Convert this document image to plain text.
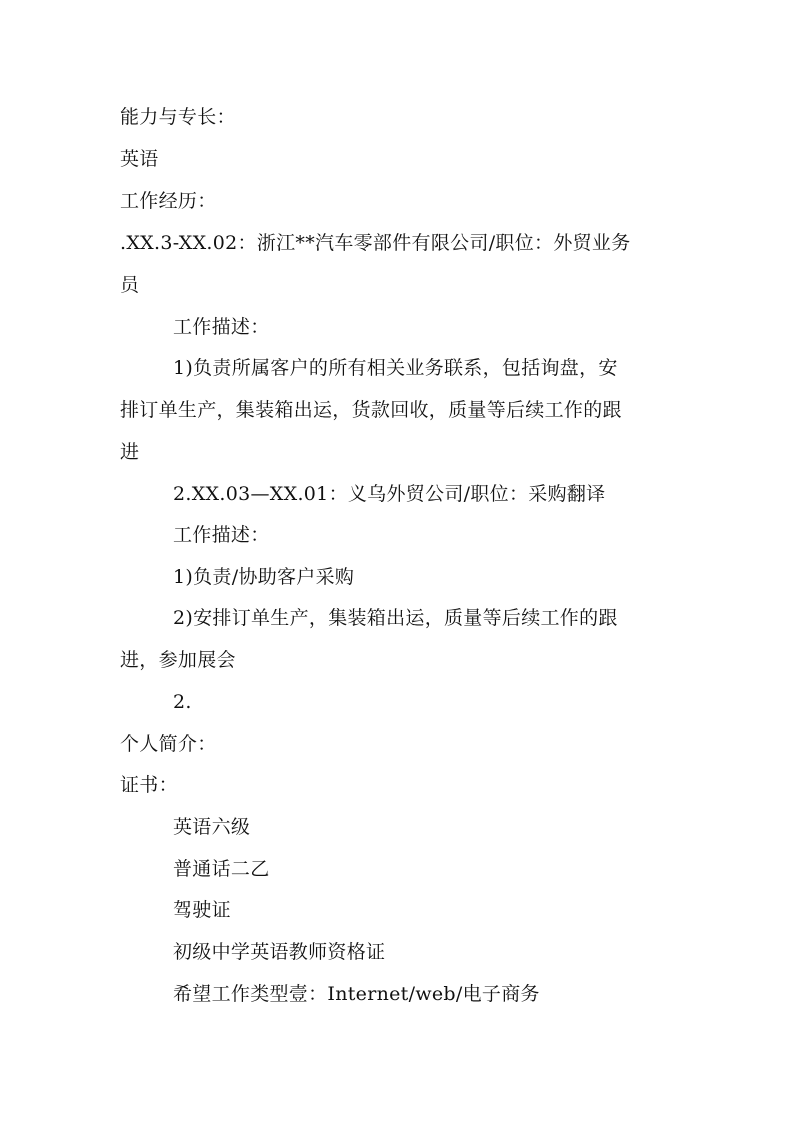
能力与专长：
英语
工作经历：
.XX.3-XX.02：浙江**汽车零部件有限公司/职位：外贸业务
员
工作描述：
1)负责所属客户的所有相关业务联系，包括询盘，安
排订单生产，集装箱出运，货款回收，质量等后续工作的跟
进
2.XX.03—XX.01：义乌外贸公司/职位：采购翻译
工作描述：
1)负责/协助客户采购
2)安排订单生产，集装箱出运，质量等后续工作的跟
进，参加展会
2.
个人简介：
证书：
英语六级
普通话二乙
驾驶证
初级中学英语教师资格证
希望工作类型壹：Internet/web/电子商务
